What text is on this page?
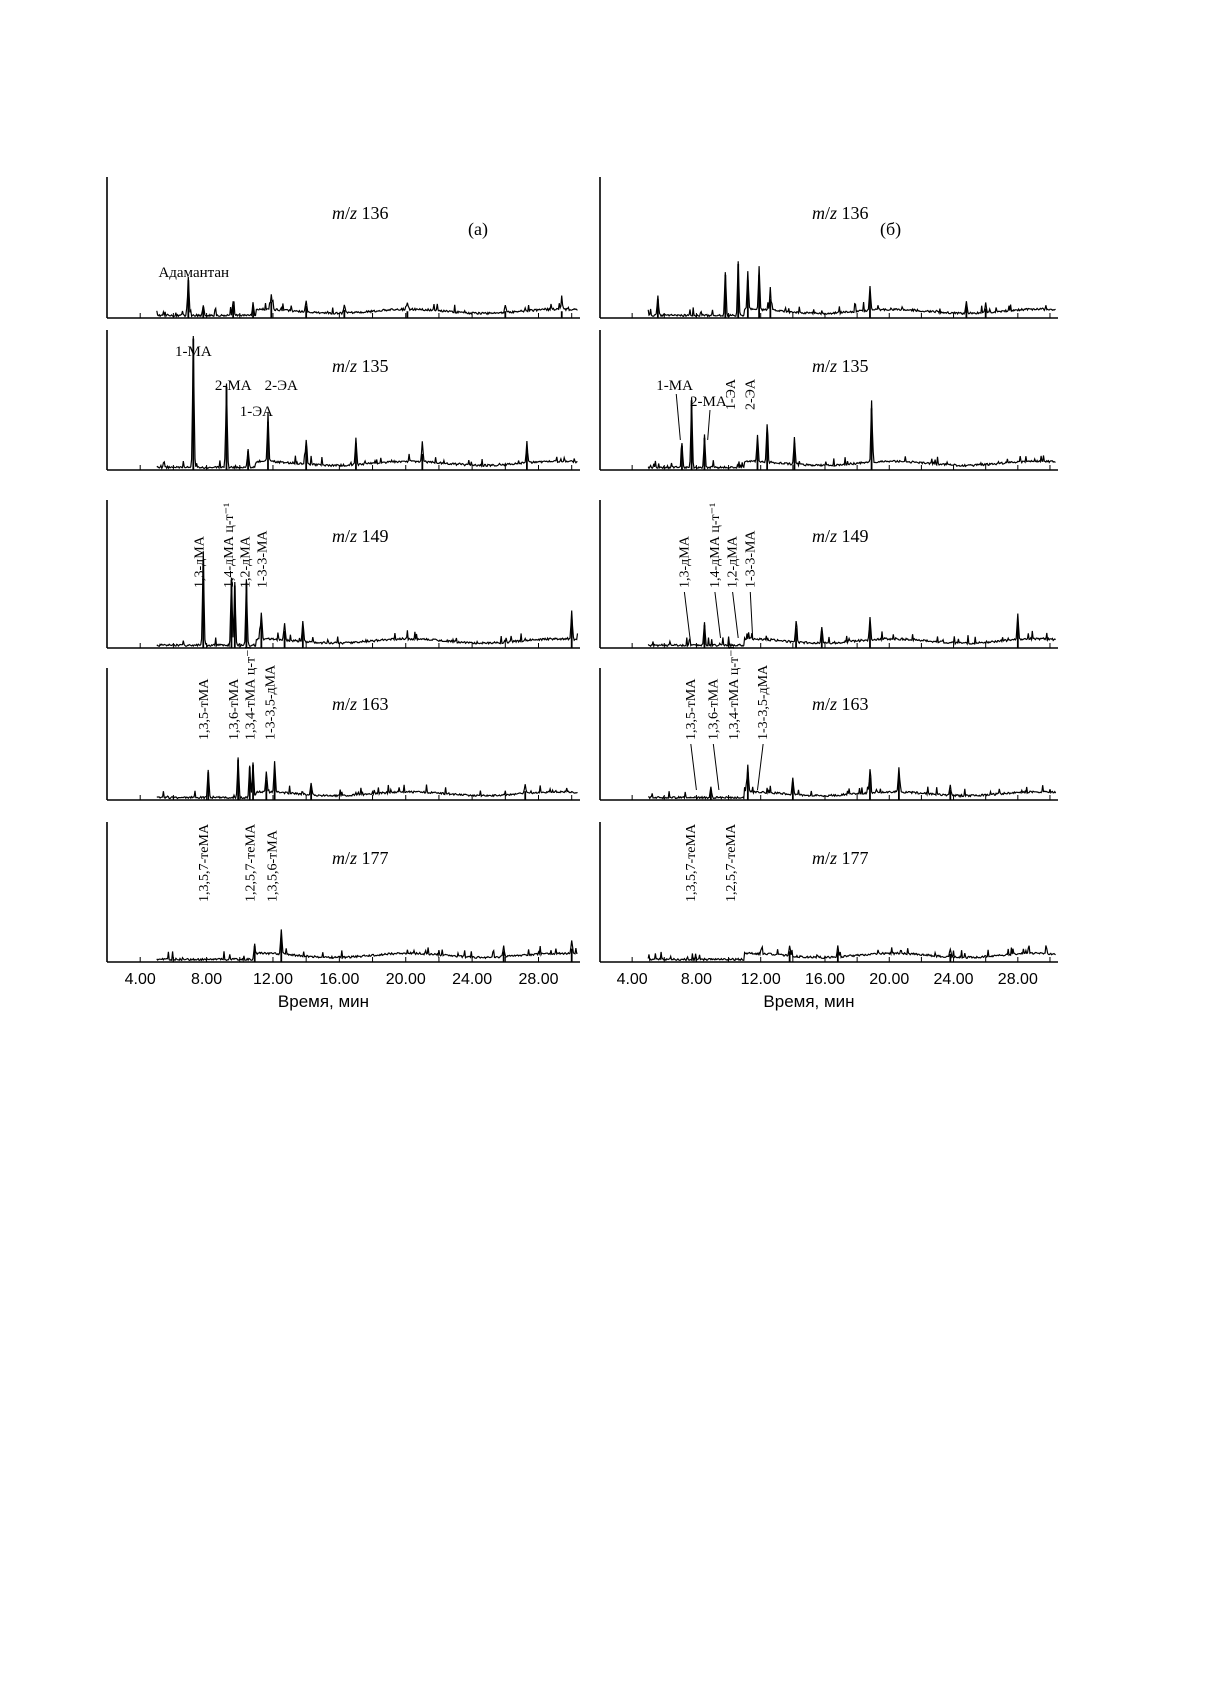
m/z 136
(а)
Адамантан
m/z 135
1-МА
2-МА
1-ЭА
2-ЭА
m/z 149
1,3-дМА 1,4-дМА ц-т⁻¹ 1,2-дМА 1-3-3-МА
m/z 163
1,3,5-тМА 1,3,6-тМА 1,3,4-тМА ц-т⁻¹ 1-3-3,5-дМА
m/z 177
1,3,5,7-теМА 1,2,5,7-теМА 1,3,5,6-тМА
m/z 136
(б)
m/z 135
1-МА
2-МА
1-ЭА 2-ЭА
m/z 149
1,3-дМА 1,4-дМА ц-т⁻¹ 1,2-дМА 1-3-3-МА
m/z 163
1,3,5-тМА 1,3,6-тМА 1,3,4-тМА ц-т⁻¹ 1-3-3,5-дМА
m/z 177
1,3,5,7-теМА 1,2,5,7-теМА
4.00 8.00 12.00 16.00 20.00 24.00 28.00
Время, мин
4.00 8.00 12.00 16.00 20.00 24.00 28.00
Время, мин
